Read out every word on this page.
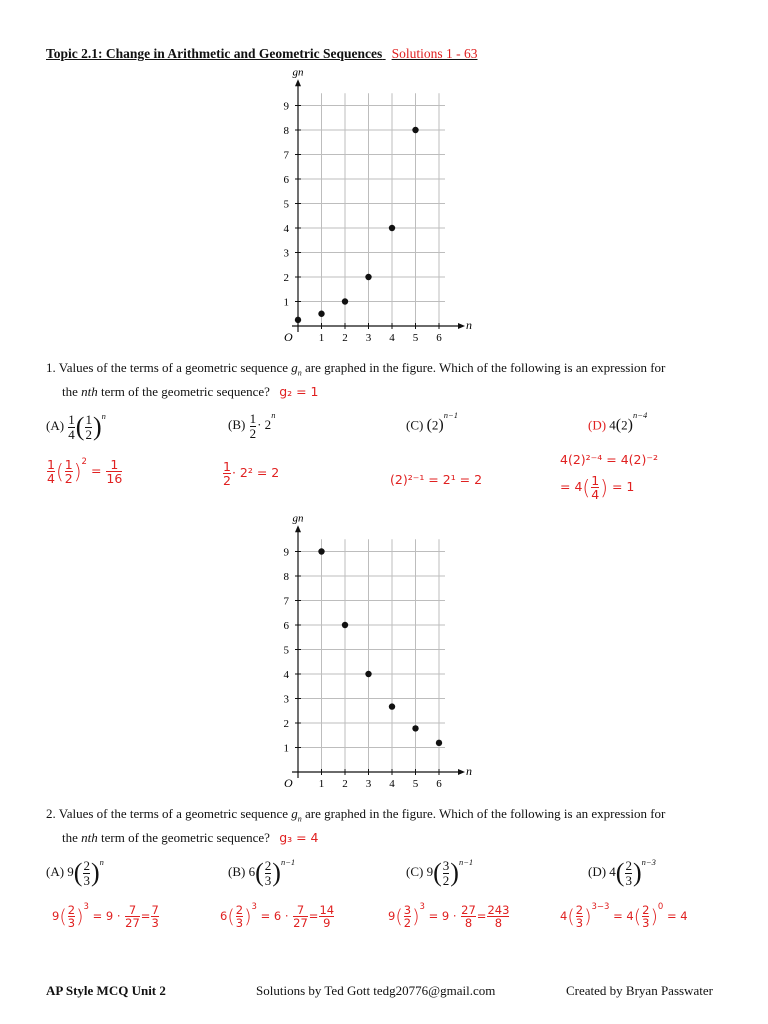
Topic 2.1: Change in Arithmetic and Geometric Sequences Solutions 1 - 63
1 2 3 4 5 6
1
2
3
4
5
6
7
8
9
O
n
gn
1. Values of the terms of a geometric sequence $g_n$ are graphed in the figure. Which of the following is an expression for
the nth term of the geometric sequence? g₂ = 1
$(A) \frac{1}{4}$ ( $\frac{1}{2} )^n$
$(B) \frac{1}{2} \cdot 2^n$
(C) $(2)^{n-1}$
(D) $4(2)^{n-4}$
$\frac{1}{4}$ ( $\frac{1}{2} )^2 = \frac{1}{16}$	$\frac{1}{2} \cdot 2^2 = 2$	(2)²⁻¹ = 2¹ = 2
4(2)²⁻⁴ = 4(2)⁻²
= $4( \frac{1}{4}$ ) = 1
1 2 3 4 5 6
1
2
3
4
5
6
7
8
9
O
n
gn
2. Values of the terms of a geometric sequence $g_n$ are graphed in the figure. Which of the following is an expression for
the nth term of the geometric sequence? g₃ = 4
(A) $9( \frac{2}{3} )^n$
(B) $6( \frac{2}{3} )^{n-1}$
(C) $9( \frac{3}{2} )^{n-1}$
(D) $4( \frac{2}{3} )^{n-3}$
$9( \frac{2}{3} )^3 = 9 \cdot \frac{7}{27} = \frac{7}{3}$	$6( \frac{2}{3} )^3 = 6 \cdot \frac{7}{27} = \frac{14}{9}$	$9( \frac{3}{2} )^3 = 9 \cdot \frac{27}{8} = \frac{243}{8}$	$4( \frac{2}{3} )^{3-3} = 4( \frac{2}{3} )^0 = 4$
AP Style MCQ Unit 2	Solutions by Ted Gott tedg20776@gmail.com	Created by Bryan Passwater
